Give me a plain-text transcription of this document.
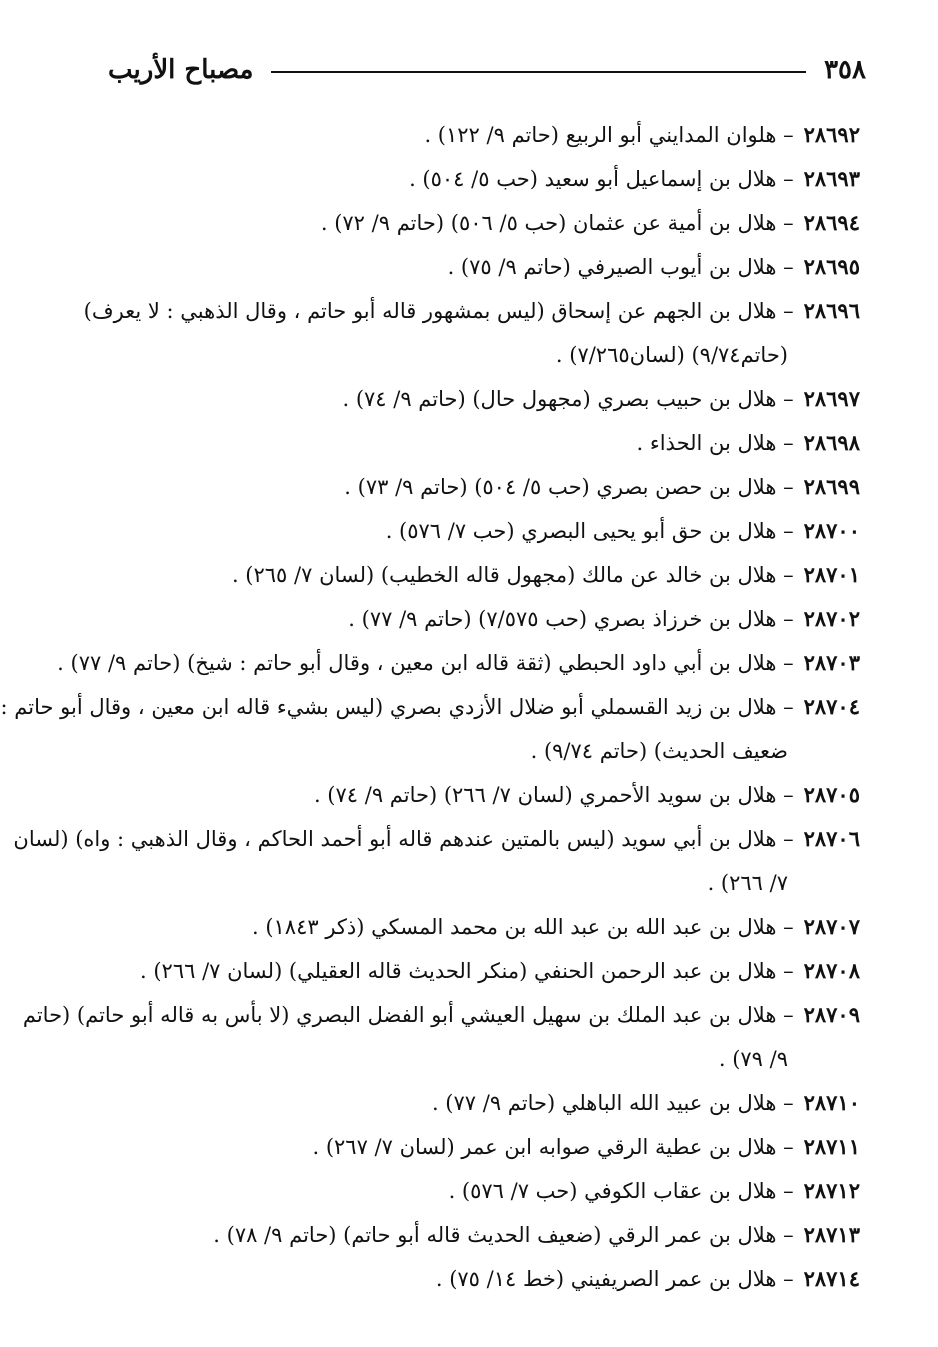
٣٥٨
مصباح الأريب
٢٨٦٩٢– هلوان المدايني أبو الربيع (حاتم ٩/ ١٢٢) .
٢٨٦٩٣– هلال بن إسماعيل أبو سعيد (حب ٥/ ٥٠٤) .
٢٨٦٩٤– هلال بن أمية عن عثمان (حب ٥/ ٥٠٦) (حاتم ٩/ ٧٢) .
٢٨٦٩٥– هلال بن أيوب الصيرفي (حاتم ٩/ ٧٥) .
٢٨٦٩٦– هلال بن الجهم عن إسحاق (ليس بمشهور قاله أبو حاتم ، وقال الذهبي : لا يعرف)
(حاتم٩/٧٤) (لسان٧/٢٦٥) .
٢٨٦٩٧– هلال بن حبيب بصري (مجهول حال) (حاتم ٩/ ٧٤) .
٢٨٦٩٨– هلال بن الحذاء .
٢٨٦٩٩– هلال بن حصن بصري (حب ٥/ ٥٠٤) (حاتم ٩/ ٧٣) .
٢٨٧٠٠– هلال بن حق أبو يحيى البصري (حب ٧/ ٥٧٦) .
٢٨٧٠١– هلال بن خالد عن مالك (مجهول قاله الخطيب) (لسان ٧/ ٢٦٥) .
٢٨٧٠٢– هلال بن خرزاذ بصري (حب ٧/٥٧٥) (حاتم ٩/ ٧٧) .
٢٨٧٠٣– هلال بن أبي داود الحبطي (ثقة قاله ابن معين ، وقال أبو حاتم : شيخ) (حاتم ٩/ ٧٧) .
٢٨٧٠٤– هلال بن زيد القسملي أبو ضلال الأزدي بصري (ليس بشيء قاله ابن معين ، وقال أبو حاتم :
ضعيف الحديث) (حاتم ٩/٧٤) .
٢٨٧٠٥– هلال بن سويد الأحمري (لسان ٧/ ٢٦٦) (حاتم ٩/ ٧٤) .
٢٨٧٠٦– هلال بن أبي سويد (ليس بالمتين عندهم قاله أبو أحمد الحاكم ، وقال الذهبي : واه) (لسان
٧/ ٢٦٦) .
٢٨٧٠٧– هلال بن عبد الله بن عبد الله بن محمد المسكي (ذكر ١٨٤٣) .
٢٨٧٠٨– هلال بن عبد الرحمن الحنفي (منكر الحديث قاله العقيلي) (لسان ٧/ ٢٦٦) .
٢٨٧٠٩– هلال بن عبد الملك بن سهيل العيشي أبو الفضل البصري (لا بأس به قاله أبو حاتم) (حاتم
٩/ ٧٩) .
٢٨٧١٠– هلال بن عبيد الله الباهلي (حاتم ٩/ ٧٧) .
٢٨٧١١– هلال بن عطية الرقي صوابه ابن عمر (لسان ٧/ ٢٦٧) .
٢٨٧١٢– هلال بن عقاب الكوفي (حب ٧/ ٥٧٦) .
٢٨٧١٣– هلال بن عمر الرقي (ضعيف الحديث قاله أبو حاتم) (حاتم ٩/ ٧٨) .
٢٨٧١٤– هلال بن عمر الصريفيني (خط ١٤/ ٧٥) .
